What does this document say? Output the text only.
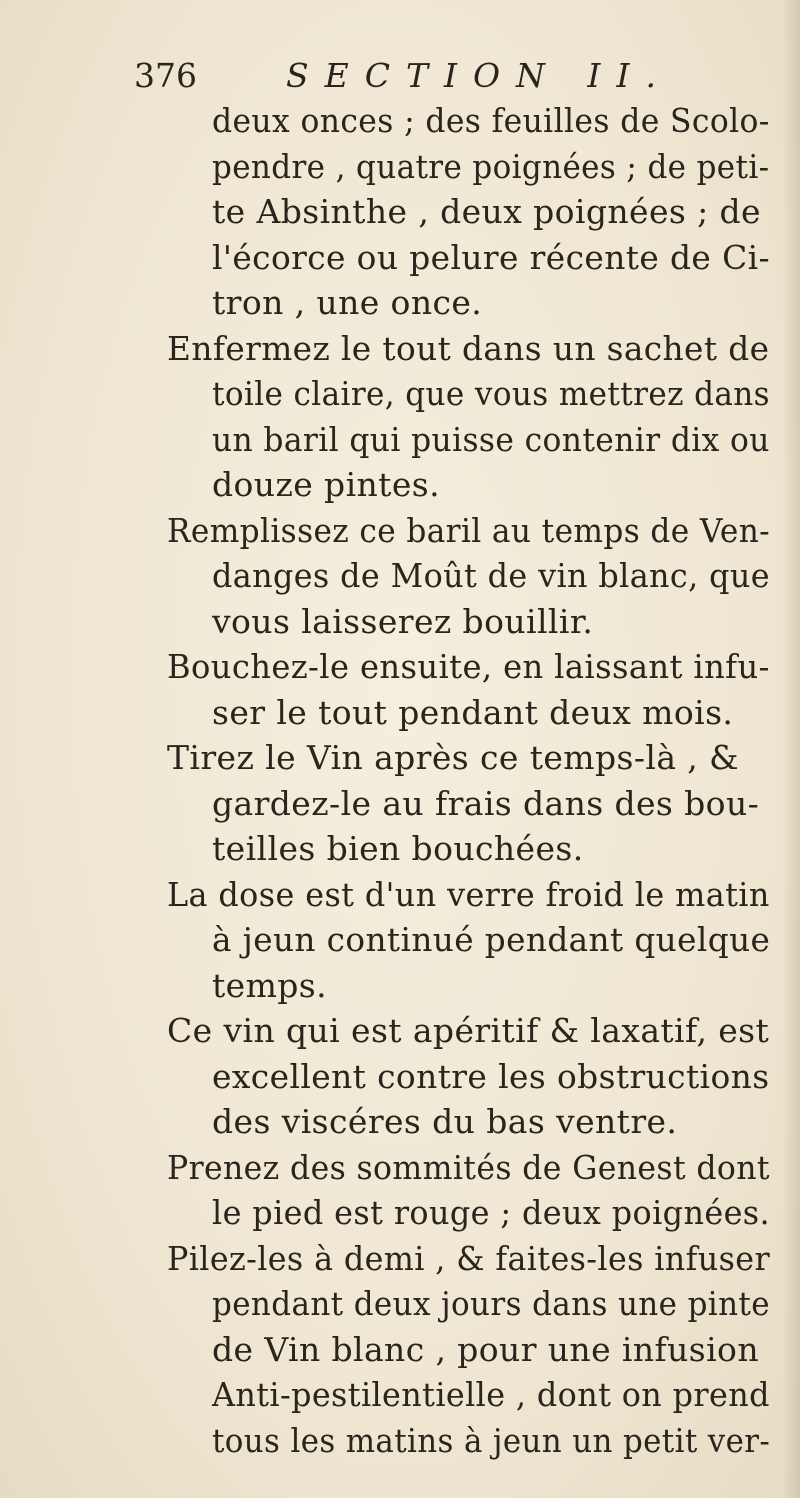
376	SECTION II.
deux onces ; des feuilles de Scolo-
pendre , quatre poignées ; de peti-
te Absinthe , deux poignées ; de
l'écorce ou pelure récente de Ci-
tron , une once.
Enfermez le tout dans un sachet de
toile claire, que vous mettrez dans
un baril qui puisse contenir dix ou
douze pintes.
Remplissez ce baril au temps de Ven-
danges de Moût de vin blanc, que
vous laisserez bouillir.
Bouchez-le ensuite, en laissant infu-
ser le tout pendant deux mois.
Tirez le Vin après ce temps-là , &
gardez-le au frais dans des bou-
teilles bien bouchées.
La dose est d'un verre froid le matin
à jeun continué pendant quelque
temps.
Ce vin qui est apéritif & laxatif, est
excellent contre les obstructions
des viscéres du bas ventre.
Prenez des sommités de Genest dont
le pied est rouge ; deux poignées.
Pilez-les à demi , & faites-les infuser
pendant deux jours dans une pinte
de Vin blanc , pour une infusion
Anti-pestilentielle , dont on prend
tous les matins à jeun un petit ver-
